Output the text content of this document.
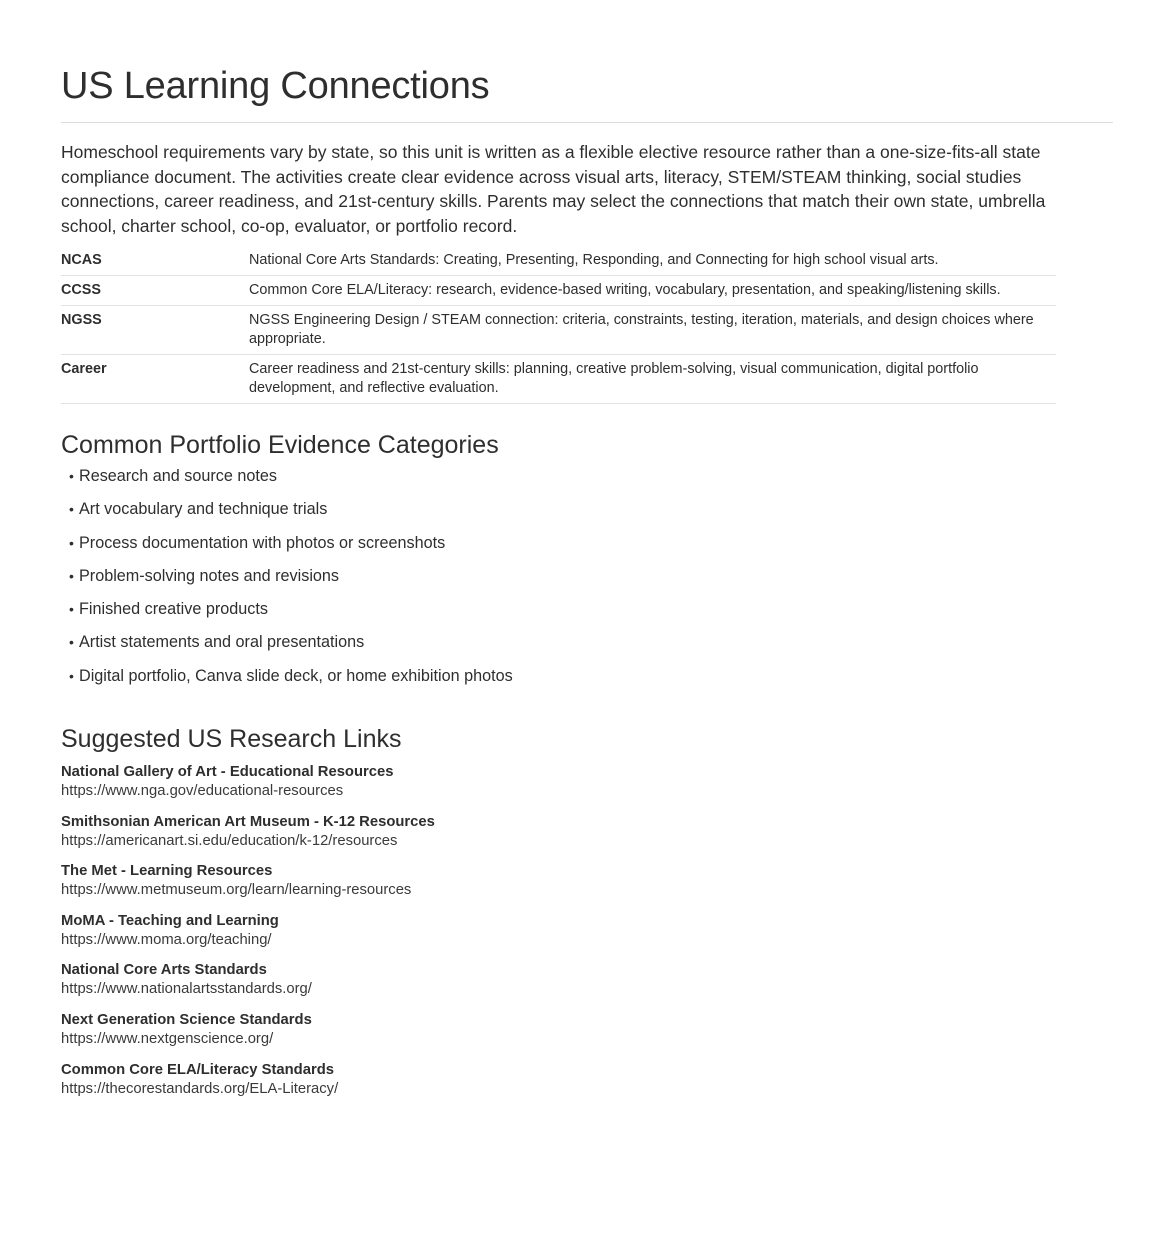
US Learning Connections

Homeschool requirements vary by state, so this unit is written as a flexible elective resource rather than a one-size-fits-all state compliance document. The activities create clear evidence across visual arts, literacy, STEM/STEAM thinking, social studies connections, career readiness, and 21st-century skills. Parents may select the connections that match their own state, umbrella school, charter school, co-op, evaluator, or portfolio record.

NCAS	National Core Arts Standards: Creating, Presenting, Responding, and Connecting for high school visual arts.
CCSS	Common Core ELA/Literacy: research, evidence-based writing, vocabulary, presentation, and speaking/listening skills.
NGSS	NGSS Engineering Design / STEAM connection: criteria, constraints, testing, iteration, materials, and design choices where appropriate.
Career	Career readiness and 21st-century skills: planning, creative problem-solving, visual communication, digital portfolio development, and reflective evaluation.
Common Portfolio Evidence Categories
• Research and source notes
• Art vocabulary and technique trials
• Process documentation with photos or screenshots
• Problem-solving notes and revisions
• Finished creative products
• Artist statements and oral presentations
• Digital portfolio, Canva slide deck, or home exhibition photos
Suggested US Research Links
National Gallery of Art - Educational Resources
https://www.nga.gov/educational-resources
Smithsonian American Art Museum - K-12 Resources
https://americanart.si.edu/education/k-12/resources
The Met - Learning Resources
https://www.metmuseum.org/learn/learning-resources
MoMA - Teaching and Learning
https://www.moma.org/teaching/
National Core Arts Standards
https://www.nationalartsstandards.org/
Next Generation Science Standards
https://www.nextgenscience.org/
Common Core ELA/Literacy Standards
https://thecorestandards.org/ELA-Literacy/
